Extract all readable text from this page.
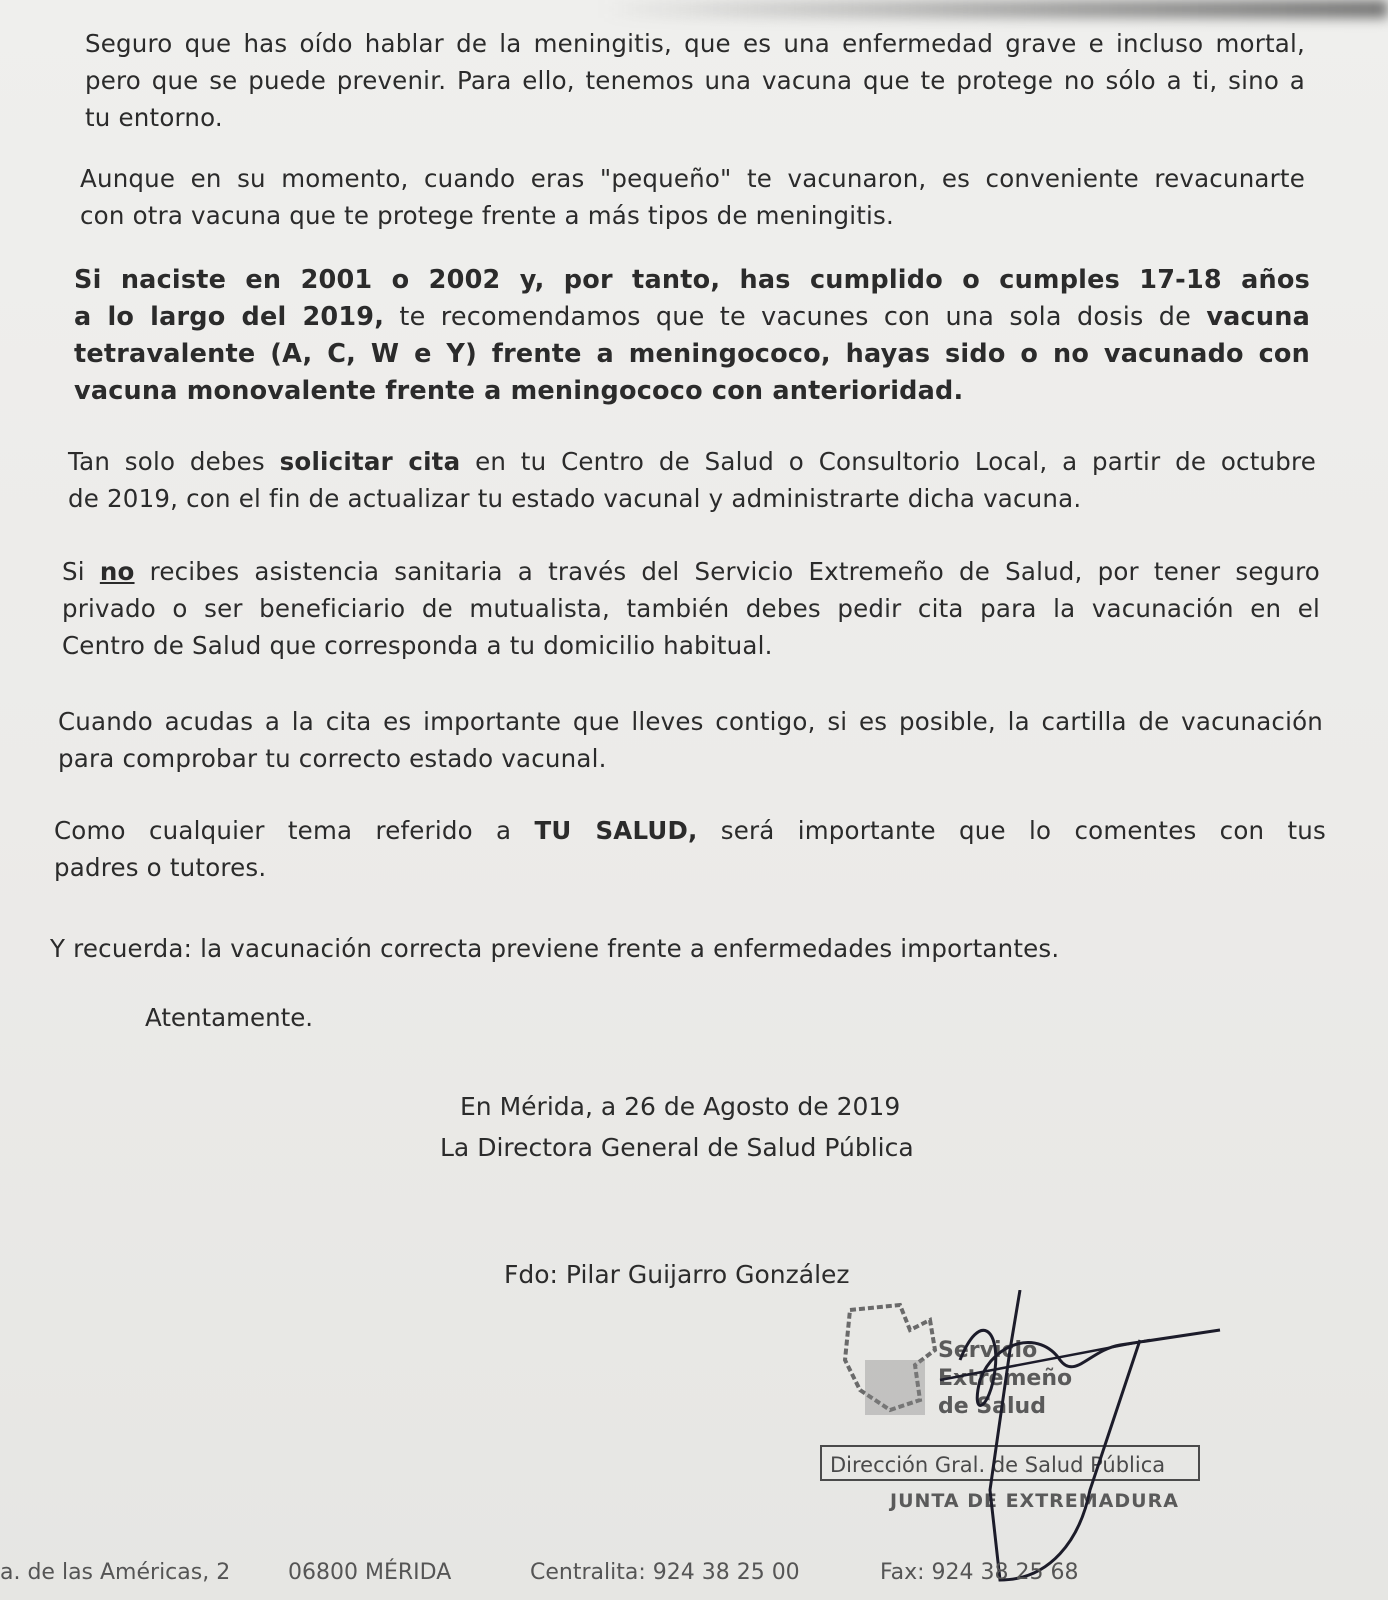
Seguro que has oído hablar de la meningitis, que es una enfermedad grave e incluso mortal,
pero que se puede prevenir. Para ello, tenemos una vacuna que te protege no sólo a ti, sino a
tu entorno.
Aunque en su momento, cuando eras "pequeño" te vacunaron, es conveniente revacunarte
con otra vacuna que te protege frente a más tipos de meningitis.
Si naciste en 2001 o 2002 y, por tanto, has cumplido o cumples 17-18 años
a lo largo del 2019, te recomendamos que te vacunes con una sola dosis de vacuna
tetravalente (A, C, W e Y) frente a meningococo, hayas sido o no vacunado con
vacuna monovalente frente a meningococo con anterioridad.
Tan solo debes solicitar cita en tu Centro de Salud o Consultorio Local, a partir de octubre
de 2019, con el fin de actualizar tu estado vacunal y administrarte dicha vacuna.
Si no recibes asistencia sanitaria a través del Servicio Extremeño de Salud, por tener seguro
privado o ser beneficiario de mutualista, también debes pedir cita para la vacunación en el
Centro de Salud que corresponda a tu domicilio habitual.
Cuando acudas a la cita es importante que lleves contigo, si es posible, la cartilla de vacunación
para comprobar tu correcto estado vacunal.
Como cualquier tema referido a TU SALUD, será importante que lo comentes con tus
padres o tutores.
Y recuerda: la vacunación correcta previene frente a enfermedades importantes.
Atentamente.
En Mérida, a 26 de Agosto de 2019
La Directora General de Salud Pública
Fdo: Pilar Guijarro González
Servicio
Extremeño
de Salud
Dirección Gral. de Salud Pública
JUNTA DE EXTREMADURA
a. de las Américas, 2	06800 MÉRIDA	Centralita: 924 38 25 00	Fax: 924 38 25 68
